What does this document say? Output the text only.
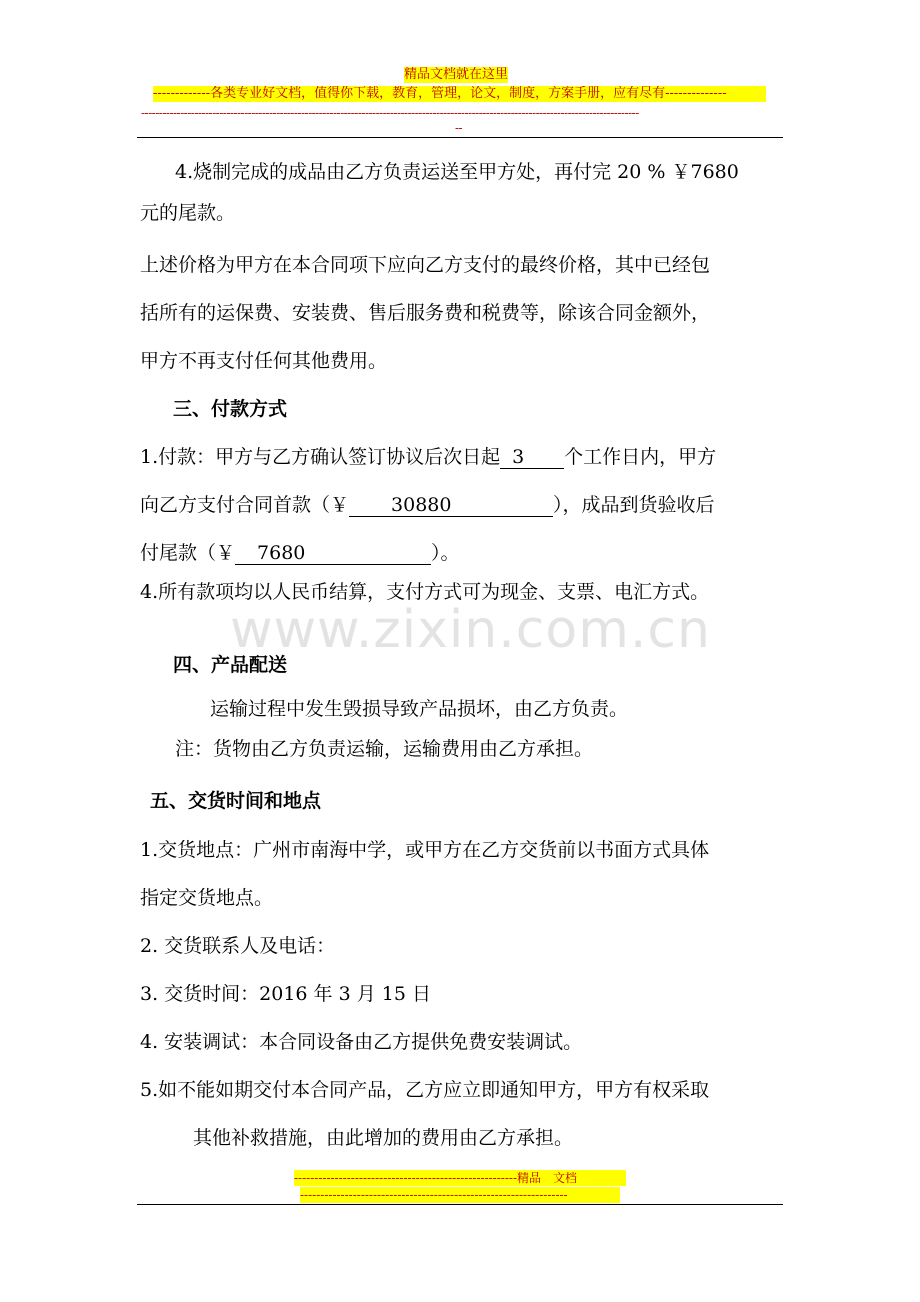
精品文档就在这里
-------------各类专业好文档，值得你下载，教育，管理，论文，制度，方案手册，应有尽有--------------
--------------------------------------------------------------------------------------------------------------------------------------------
--
4.烧制完成的成品由乙方负责运送至甲方处，再付完 20 % ￥7680
元的尾款。
上述价格为甲方在本合同项下应向乙方支付的最终价格，其中已经包
括所有的运保费、安装费、售后服务费和税费等，除该合同金额外，
甲方不再支付任何其他费用。
三、付款方式
1.付款：甲方与乙方确认签订协议后次日起 3 个工作日内，甲方
向乙方支付合同首款（￥ 30880	），成品到货验收后
付尾款（￥ 7680	）。
4.所有款项均以人民币结算，支付方式可为现金、支票、电汇方式。
www.zixin.com.cn
四、产品配送
运输过程中发生毁损导致产品损坏，由乙方负责。
注：货物由乙方负责运输，运输费用由乙方承担。
五、交货时间和地点
1.交货地点：广州市南海中学，或甲方在乙方交货前以书面方式具体
指定交货地点。
2. 交货联系人及电话：
3. 交货时间：2016 年 3 月 15 日
4. 安装调试：本合同设备由乙方提供免费安装调试。
5.如不能如期交付本合同产品，乙方应立即通知甲方，甲方有权采取
其他补救措施，由此增加的费用由乙方承担。
-------------------------------------------------------精品　文档
------------------------------------------------------------------
